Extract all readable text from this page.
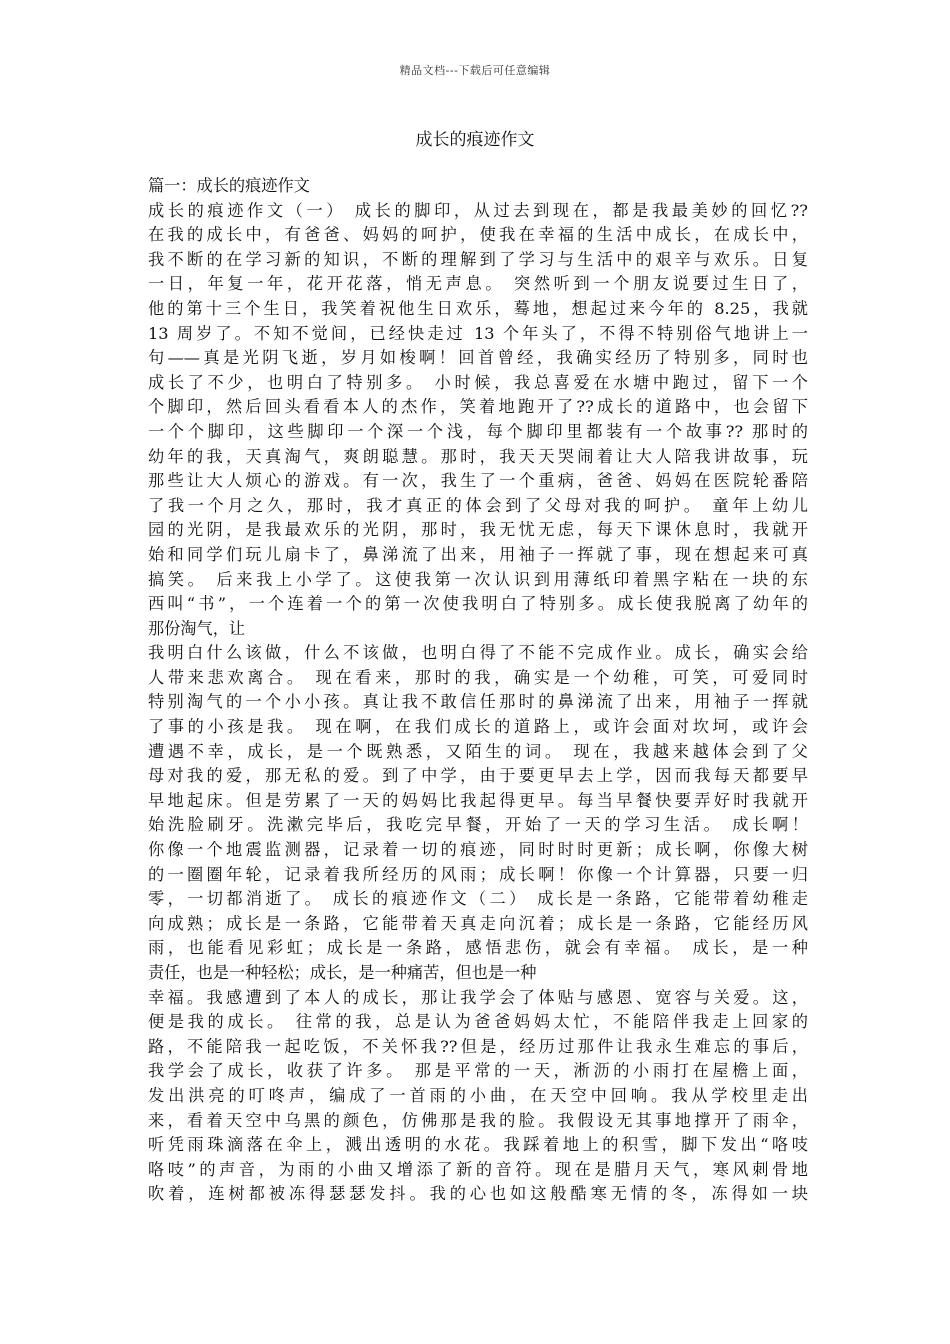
精品文档---下载后可任意编辑
成长的痕迹作文
篇一：成长的痕迹作文
成长的痕迹作文（一） 成长的脚印，从过去到现在，都是我最美妙的回忆??
在我的成长中，有爸爸、妈妈的呵护，使我在幸福的生活中成长，在成长中，
我不断的在学习新的知识，不断的理解到了学习与生活中的艰辛与欢乐。日复
一日，年复一年，花开花落，悄无声息。 突然听到一个朋友说要过生日了，
他的第十三个生日，我笑着祝他生日欢乐，蓦地，想起过来今年的 8.25，我就
13 周岁了。不知不觉间，已经快走过 13 个年头了，不得不特别俗气地讲上一
句——真是光阴飞逝，岁月如梭啊！回首曾经，我确实经历了特别多，同时也
成长了不少，也明白了特别多。 小时候，我总喜爱在水塘中跑过，留下一个
个脚印，然后回头看看本人的杰作，笑着地跑开了??成长的道路中，也会留下
一个个脚印，这些脚印一个深一个浅，每个脚印里都装有一个故事?? 那时的
幼年的我，天真淘气，爽朗聪慧。那时，我天天哭闹着让大人陪我讲故事，玩
那些让大人烦心的游戏。有一次，我生了一个重病，爸爸、妈妈在医院轮番陪
了我一个月之久，那时，我才真正的体会到了父母对我的呵护。 童年上幼儿
园的光阴，是我最欢乐的光阴，那时，我无忧无虑，每天下课休息时，我就开
始和同学们玩儿扇卡了，鼻涕流了出来，用袖子一挥就了事，现在想起来可真
搞笑。 后来我上小学了。这使我第一次认识到用薄纸印着黑字粘在一块的东
西叫“书”，一个连着一个的第一次使我明白了特别多。成长使我脱离了幼年的
那份淘气，让
我明白什么该做，什么不该做，也明白得了不能不完成作业。成长，确实会给
人带来悲欢离合。 现在看来，那时的我，确实是一个幼稚，可笑，可爱同时
特别淘气的一个小小孩。真让我不敢信任那时的鼻涕流了出来，用袖子一挥就
了事的小孩是我。 现在啊，在我们成长的道路上，或许会面对坎坷，或许会
遭遇不幸，成长，是一个既熟悉，又陌生的词。 现在，我越来越体会到了父
母对我的爱，那无私的爱。到了中学，由于要更早去上学，因而我每天都要早
早地起床。但是劳累了一天的妈妈比我起得更早。每当早餐快要弄好时我就开
始洗脸刷牙。洗漱完毕后，我吃完早餐，开始了一天的学习生活。 成长啊！
你像一个地震监测器，记录着一切的痕迹，同时时时更新；成长啊，你像大树
的一圈圈年轮，记录着我所经历的风雨；成长啊！你像一个计算器，只要一归
零，一切都消逝了。 成长的痕迹作文（二） 成长是一条路，它能带着幼稚走
向成熟；成长是一条路，它能带着天真走向沉着；成长是一条路，它能经历风
雨，也能看见彩虹；成长是一条路，感悟悲伤，就会有幸福。 成长，是一种
责任，也是一种轻松；成长，是一种痛苦，但也是一种
幸福。我感遭到了本人的成长，那让我学会了体贴与感恩、宽容与关爱。这，
便是我的成长。 往常的我，总是认为爸爸妈妈太忙，不能陪伴我走上回家的
路，不能陪我一起吃饭，不关怀我??但是，经历过那件让我永生难忘的事后，
我学会了成长，收获了许多。 那是平常的一天，淅沥的小雨打在屋檐上面，
发出洪亮的叮咚声，编成了一首雨的小曲，在天空中回响。我从学校里走出
来，看着天空中乌黑的颜色，仿佛那是我的脸。我假设无其事地撑开了雨伞，
听凭雨珠滴落在伞上，溅出透明的水花。我踩着地上的积雪，脚下发出“咯吱
咯吱”的声音，为雨的小曲又增添了新的音符。现在是腊月天气，寒风刺骨地
吹着，连树都被冻得瑟瑟发抖。我的心也如这般酷寒无情的冬，冻得如一块
